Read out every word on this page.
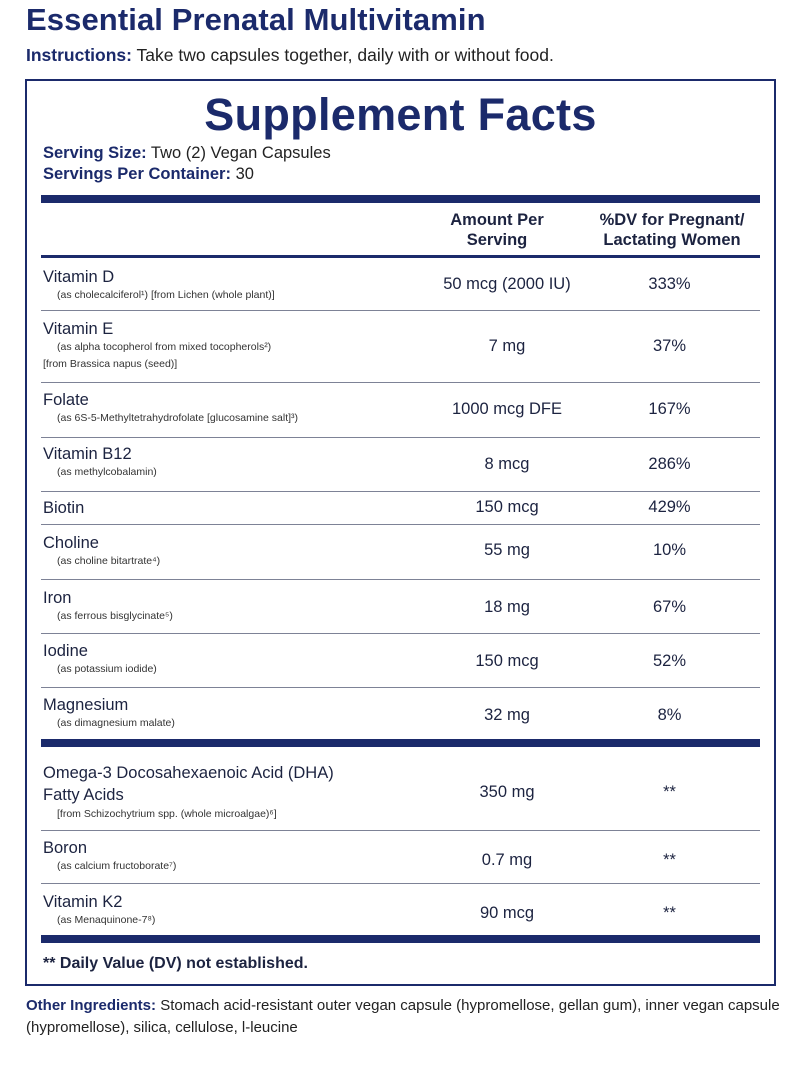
Essential Prenatal Multivitamin
Instructions: Take two capsules together, daily with or without food.
Supplement Facts
Serving Size: Two (2) Vegan Capsules
Servings Per Container: 30
Amount Per
Serving
%DV for Pregnant/
Lactating Women
Vitamin D
(as cholecalciferol¹) [from Lichen (whole plant)]
50 mcg (2000 IU)	333%
Vitamin E
(as alpha tocopherol from mixed tocopherols²)
[from Brassica napus (seed)]
7 mg	37%
Folate
(as 6S-5-Methyltetrahydrofolate [glucosamine salt]³)	1000 mcg DFE	167%
Vitamin B12
(as methylcobalamin)	8 mcg	286%
Biotin	150 mcg	429%
Choline
(as choline bitartrate⁴)
55 mg	10%
Iron
(as ferrous bisglycinate⁵)	18 mg	67%
Iodine
(as potassium iodide)	150 mcg	52%
Magnesium
(as dimagnesium malate)	32 mg	8%
Omega-3 Docosahexaenoic Acid (DHA)
Fatty Acids
[from Schizochytrium spp. (whole microalgae)⁶]
350 mg	**
Boron
(as calcium fructoborate⁷)	0.7 mg	**
Vitamin K2
(as Menaquinone-7⁸)	90 mcg	**
** Daily Value (DV) not established.
Other Ingredients: Stomach acid-resistant outer vegan capsule (hypromellose, gellan gum), inner vegan capsule (hypromellose), silica, cellulose, l-leucine
